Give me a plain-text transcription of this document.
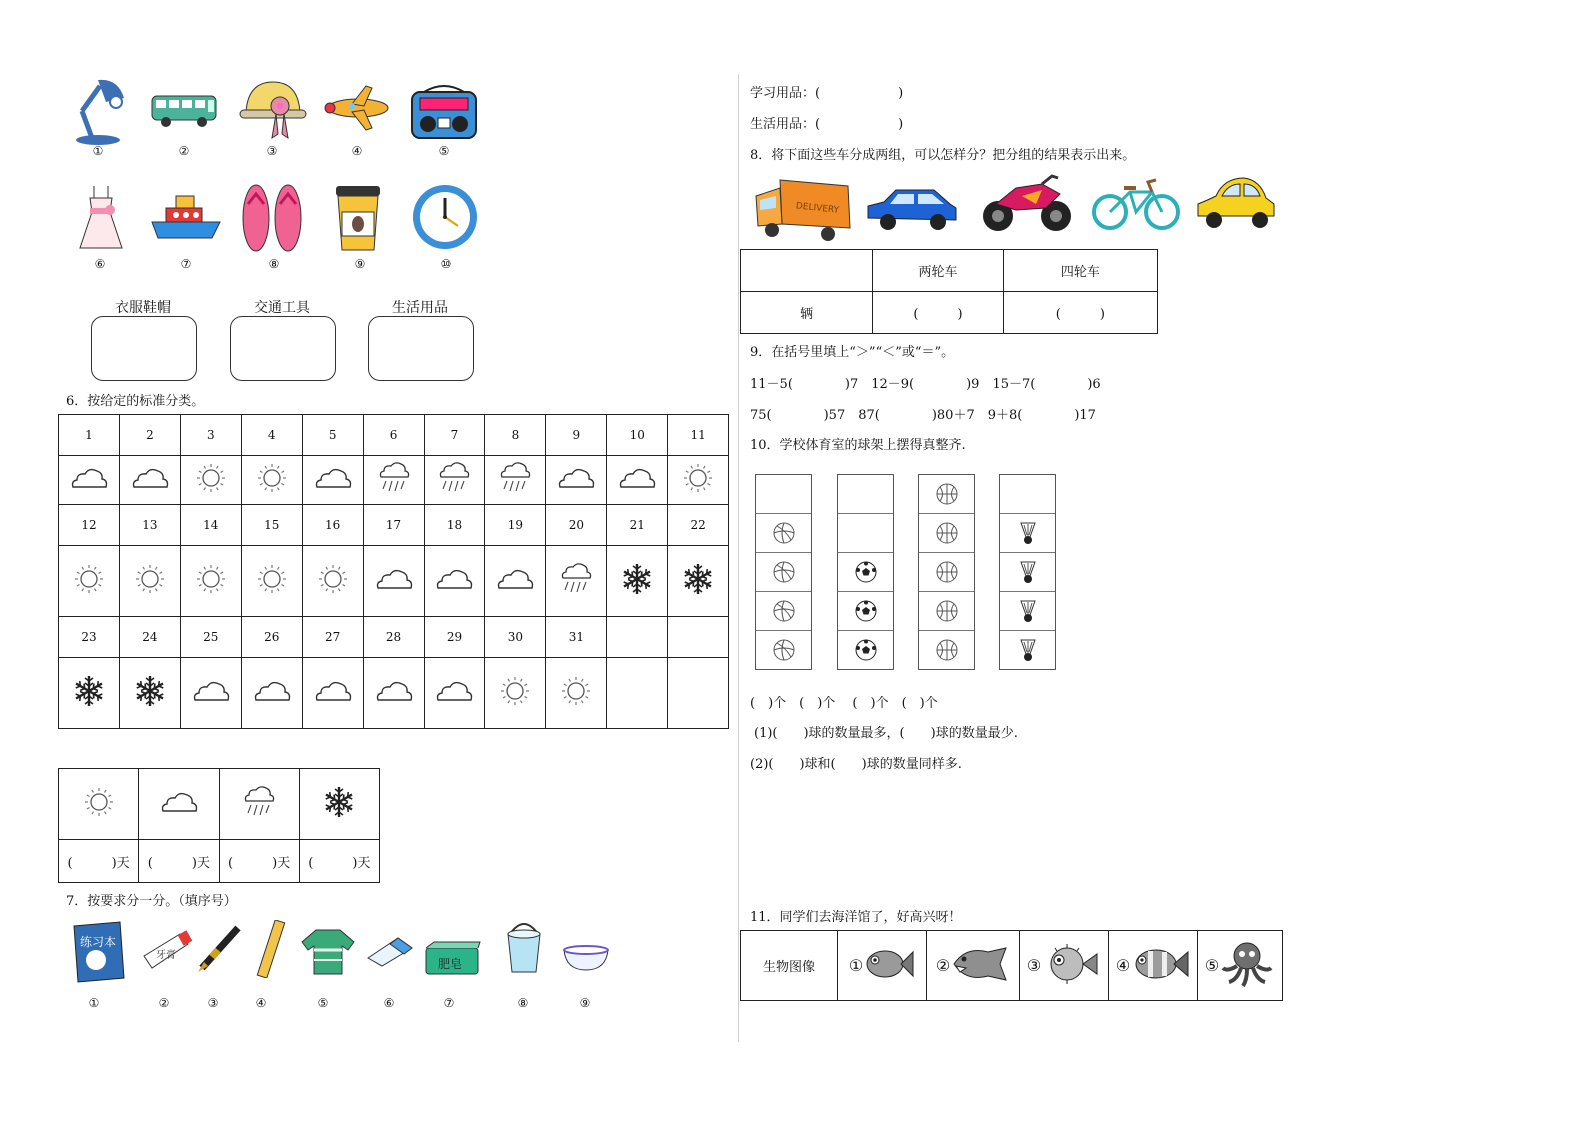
①	②	③	④	⑤
⑥	⑦	⑧	⑨	⑩
衣服鞋帽	交通工具	生活用品
6．按给定的标准分类。
1	2	3	4	5	6	7	8	9	10	11

12	13	14	15	16	17	18	19	20	21	22

23	24	25	26	27	28	29	30	31		

(　　　)天	(　　　)天	(　　　)天	(　　　)天
7．按要求分一分。（填序号）
练习本
牙膏
肥皂
①	②	③	④	⑤	⑥	⑦	⑧	⑨
学习用品：(　　　　　　)
生活用品：(　　　　　　)
8．将下面这些车分成两组，可以怎样分？把分组的结果表示出来。
DELIVERY
	两轮车	四轮车
辆	(　　　)	(　　　)
9．在括号里填上“＞”“＜”或“＝”。
11－5(　　　　)7　12－9(　　　　)9　15－7(　　　　)6
75(　　　　)57　87(　　　　)80＋7　9＋8(　　　　)17
10．学校体育室的球架上摆得真整齐.
(　)个　(　)个　 (　)个　(　)个
(1)(　　)球的数量最多，(　　)球的数量最少.
(2)(　　)球和(　　)球的数量同样多.
11．同学们去海洋馆了，好高兴呀！
生物图像	①	②	③	④	⑤
